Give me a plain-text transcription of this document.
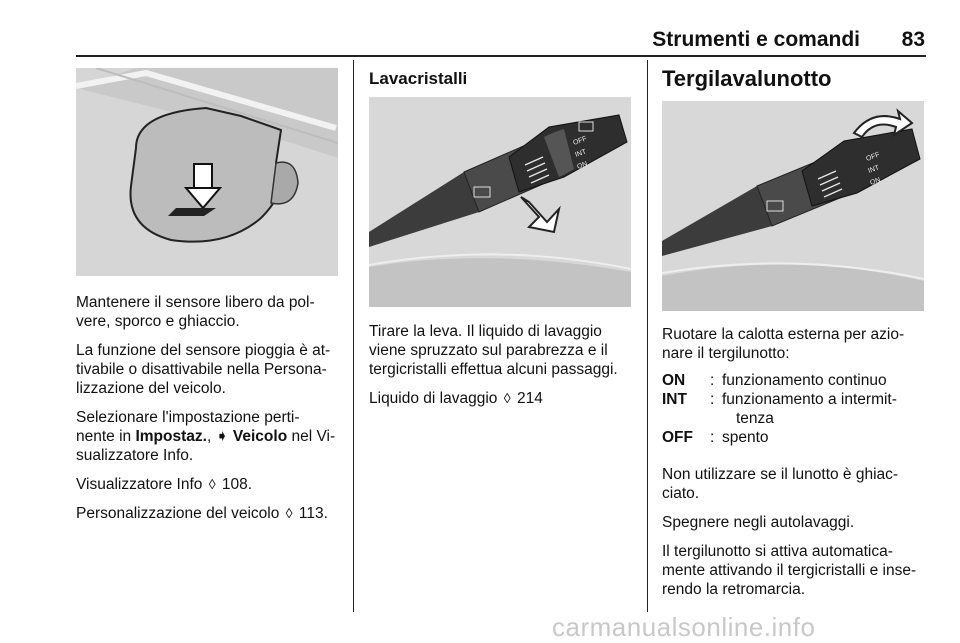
Strumenti e comandi	83

Mantenere il sensore libero da pol-
vere, sporco e ghiaccio.

La funzione del sensore pioggia è at-
tivabile o disattivabile nella Persona-
lizzazione del veicolo.

Selezionare l'impostazione perti-
nente in Impostaz., ➧ Veicolo nel Vi-
sualizzatore Info.

Visualizzatore Info ◊ 108.

Personalizzazione del veicolo ◊ 113.

Lavacristalli
OFF
INT
ON

Tirare la leva. Il liquido di lavaggio
viene spruzzato sul parabrezza e il
tergicristalli effettua alcuni passaggi.

Liquido di lavaggio ◊ 214

Tergilavalunotto
OFF
INT
ON

Ruotare la calotta esterna per azio-
nare il tergilunotto:

ON	: funzionamento continuo
INT	: funzionamento a intermit-
tenza
OFF	: spento

Non utilizzare se il lunotto è ghiac-
ciato.

Spegnere negli autolavaggi.

Il tergilunotto si attiva automatica-
mente attivando il tergicristalli e inse-
rendo la retromarcia.

carmanualsonline.info
